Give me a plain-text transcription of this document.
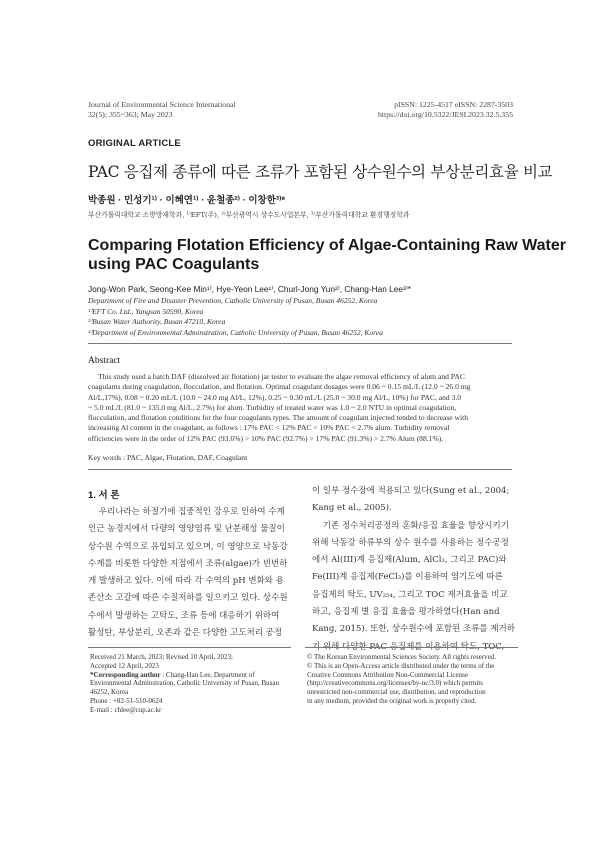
Journal of Environmental Science International
32(5); 355~363; May 2023
pISSN: 1225-4517 eISSN: 2287-3503
https://doi.org/10.5322/JESI.2023.32.5.355
ORIGINAL ARTICLE
PAC 응집제 종류에 따른 조류가 포함된 상수원수의 부상분리효율 비교
박종원 · 민성기¹⁾ · 이혜연¹⁾ · 윤철종²⁾ · 이창한³⁾*
부산가톨릭대학교 소방방재학과, ¹⁾EFT(주), ²⁾부산광역시 상수도사업본부, ³⁾부산가톨릭대학교 환경행정학과
Comparing Flotation Efficiency of Algae-Containing Raw Water
using PAC Coagulants
Jong-Won Park, Seong-Kee Min¹⁾, Hye-Yeon Lee¹⁾, Churl-Jong Yun²⁾, Chang-Han Lee³⁾*
Department of Fire and Disaster Prevention, Catholic University of Pusan, Busan 46252, Korea
¹⁾EFT Co. Ltd., Yangsan 50590, Korea
²⁾Busan Water Authority, Busan 47210, Korea
³⁾Department of Environmental Adminstration, Catholic University of Pusan, Busan 46252, Korea
Abstract
This study used a batch DAF (dissolved air flotation) jar tester to evaluate the algae removal efficiency of alum and PAC
coagulants during coagulation, flocculation, and flotation. Optimal coagulant dosages were 0.06 ~ 0.15 mL/L (12.0 ~ 26.0 mg
Al/L,17%), 0.08 ~ 0.20 mL/L (10.0 ~ 24.0 mg Al/L, 12%), 0.25 ~ 0.30 mL/L (25.0 ~ 30.0 mg Al/L, 10%) for PAC, and 3.0
~ 5.0 mL/L (81.0 ~ 135.0 mg Al/L, 2.7%) for alum. Turbidity of treated water was 1.0 ~ 2.0 NTU in optimal coagulation,
flocculation, and flotation conditions for the four coagulants types. The amount of coagulant injected tended to decrease with
increasing Al content in the coagulant, as follows : 17% PAC < 12% PAC < 10% PAC < 2.7% alum. Turbidity removal
efficiencies were in the order of 12% PAC (93.6%) > 10% PAC (92.7%) > 17% PAC (91.3%) > 2.7% Alum (88.1%).
Key words : PAC, Algae, Flotation, DAF, Coagulant
1. 서 론
우리나라는 하절기에 집중적인 강우로 인하여 수계
인근 농경지에서 다량의 영양염류 및 난분해성 물질이
상수원 수역으로 유입되고 있으며, 이 영양으로 낙동강
수계를 비롯한 다양한 지점에서 조류(algae)가 빈번하
게 발생하고 있다. 이에 따라 각 수역의 pH 변화와 용
존산소 고갈에 따른 수질저하를 일으키고 있다. 상수원
수에서 발생하는 고탁도, 조류 등에 대응하기 위하여
활성탄, 부상분리, 오존과 같은 다양한 고도처리 공정
이 일부 정수장에 적용되고 있다(Sung et al., 2004;
Kang et al., 2005).
기존 정수처리공정의 혼화/응집 효율을 향상시키기
위해 낙동강 하류부의 상수 원수를 사용하는 정수공정
에서 Al(III)계 응집제(Alum, AlCl₃, 그리고 PAC)와
Fe(III)계 응집제(FeCl₃)를 이용하여 염기도에 따른
응집제의 탁도, UV₂₅₄, 그리고 TOC 제거효율을 비교
하고, 응집제 별 응집 효율을 평가하였다(Han and
Kang, 2015). 또한, 상수원수에 포함된 조류를 제거하
기 위해 다양한 PAC 응집제를 이용하여 탁도, TOC,
Received 21 March, 2023; Revised 10 April, 2023;
Accepted 12 April, 2023
*Corresponding author : Chang-Han Lee, Department of
Environmental Adminstration, Catholic University of Pusan, Busan
46252, Korea
Phone : +82-51-510-0624
E-mail : chlee@cup.ac.kr
© The Korean Environmental Sciences Society. All rights reserved.
© This is an Open-Access article distributed under the terms of the
Creative Commons Attribution Non-Commercial License
(http://creativecommons.org/licenses/by-nc/3.0) which permits
unrestricted non-commercial use, distribution, and reproduction
in any medium, provided the original work is properly cited.
